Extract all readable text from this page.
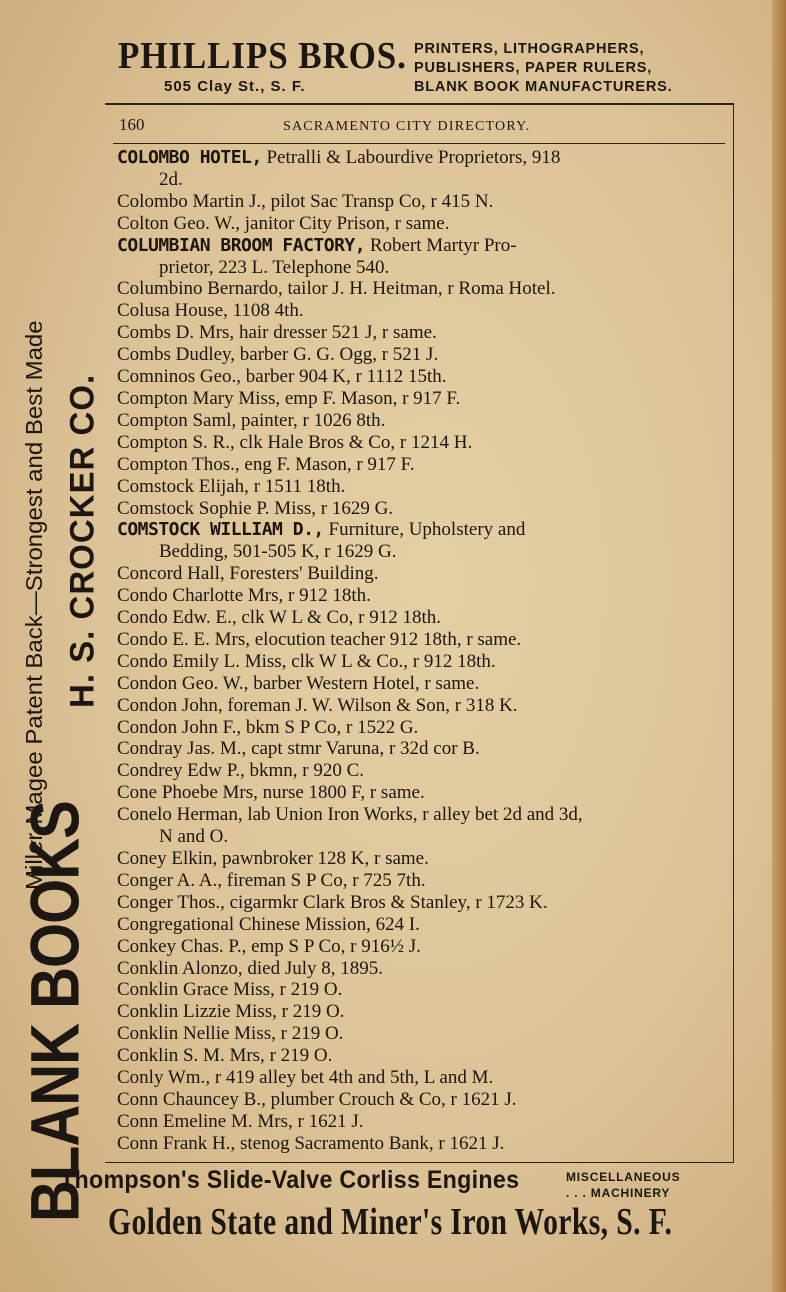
PHILLIPS BROS.
505 Clay St., S. F.
PRINTERS, LITHOGRAPHERS,
PUBLISHERS, PAPER RULERS,
BLANK BOOK MANUFACTURERS.
BLANK BOOKS
Miller-Magee Patent Back—Strongest and Best Made H. S. CROCKER CO.
160	SACRAMENTO CITY DIRECTORY.
COLOMBO HOTEL, Petralli & Labourdive Proprietors, 918
2d.
Colombo Martin J., pilot Sac Transp Co, r 415 N.
Colton Geo. W., janitor City Prison, r same.
COLUMBIAN BROOM FACTORY, Robert Martyr Pro-
prietor, 223 L. Telephone 540.
Columbino Bernardo, tailor J. H. Heitman, r Roma Hotel.
Colusa House, 1108 4th.
Combs D. Mrs, hair dresser 521 J, r same.
Combs Dudley, barber G. G. Ogg, r 521 J.
Comninos Geo., barber 904 K, r 1112 15th.
Compton Mary Miss, emp F. Mason, r 917 F.
Compton Saml, painter, r 1026 8th.
Compton S. R., clk Hale Bros & Co, r 1214 H.
Compton Thos., eng F. Mason, r 917 F.
Comstock Elijah, r 1511 18th.
Comstock Sophie P. Miss, r 1629 G.
COMSTOCK WILLIAM D., Furniture, Upholstery and
Bedding, 501-505 K, r 1629 G.
Concord Hall, Foresters' Building.
Condo Charlotte Mrs, r 912 18th.
Condo Edw. E., clk W L & Co, r 912 18th.
Condo E. E. Mrs, elocution teacher 912 18th, r same.
Condo Emily L. Miss, clk W L & Co., r 912 18th.
Condon Geo. W., barber Western Hotel, r same.
Condon John, foreman J. W. Wilson & Son, r 318 K.
Condon John F., bkm S P Co, r 1522 G.
Condray Jas. M., capt stmr Varuna, r 32d cor B.
Condrey Edw P., bkmn, r 920 C.
Cone Phoebe Mrs, nurse 1800 F, r same.
Conelo Herman, lab Union Iron Works, r alley bet 2d and 3d,
N and O.
Coney Elkin, pawnbroker 128 K, r same.
Conger A. A., fireman S P Co, r 725 7th.
Conger Thos., cigarmkr Clark Bros & Stanley, r 1723 K.
Congregational Chinese Mission, 624 I.
Conkey Chas. P., emp S P Co, r 916½ J.
Conklin Alonzo, died July 8, 1895.
Conklin Grace Miss, r 219 O.
Conklin Lizzie Miss, r 219 O.
Conklin Nellie Miss, r 219 O.
Conklin S. M. Mrs, r 219 O.
Conly Wm., r 419 alley bet 4th and 5th, L and M.
Conn Chauncey B., plumber Crouch & Co, r 1621 J.
Conn Emeline M. Mrs, r 1621 J.
Conn Frank H., stenog Sacramento Bank, r 1621 J.
Thompson's Slide-Valve Corliss Engines	MISCELLANEOUS
. . . MACHINERY
Golden State and Miner's Iron Works, S. F.
